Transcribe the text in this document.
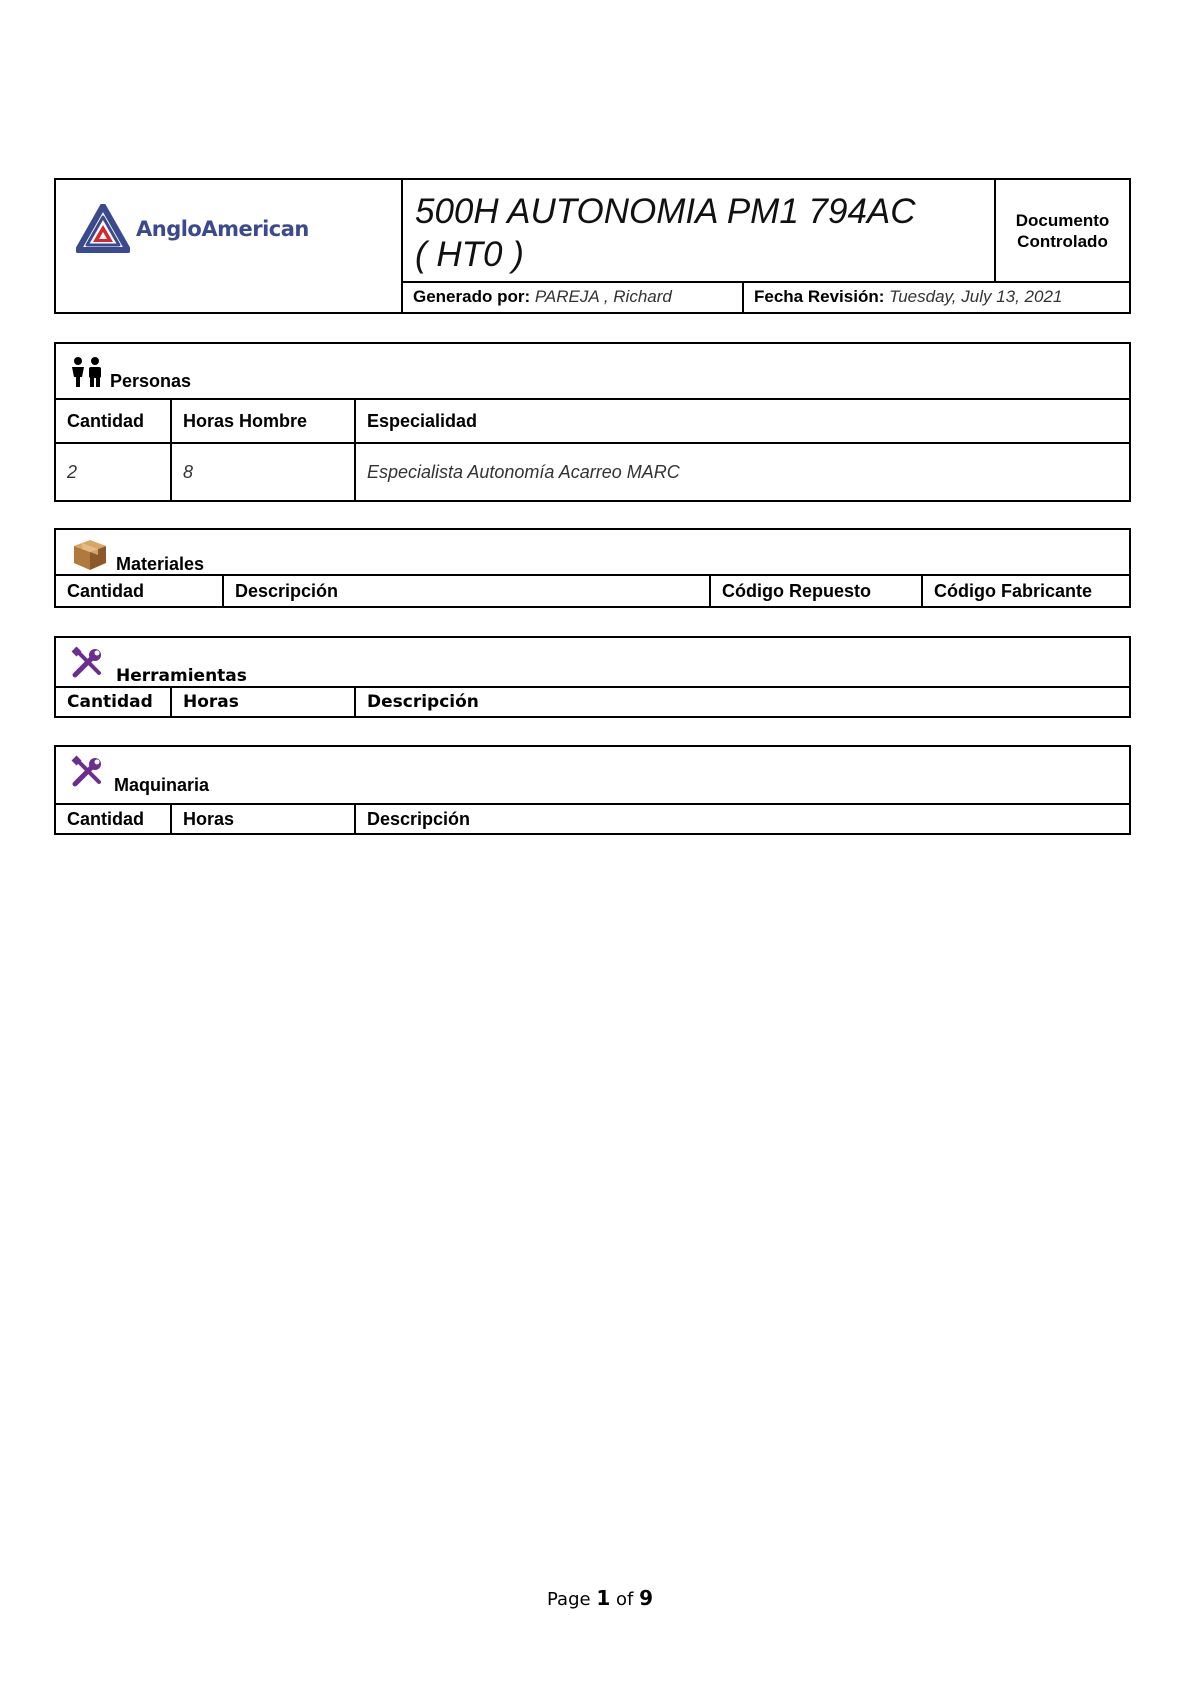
AngloAmerican	500H AUTONOMIA PM1 794AC
( HT0 )
Documento
Controlado
Generado por: PAREJA , Richard	Fecha Revisión: Tuesday, July 13, 2021
Personas
Cantidad	Horas Hombre	Especialidad
2	8	Especialista Autonomía Acarreo MARC
Materiales
Cantidad	Descripción	Código Repuesto	Código Fabricante
Herramientas
Cantidad	Horas	Descripción
Maquinaria
Cantidad	Horas	Descripción
Page 1 of 9
